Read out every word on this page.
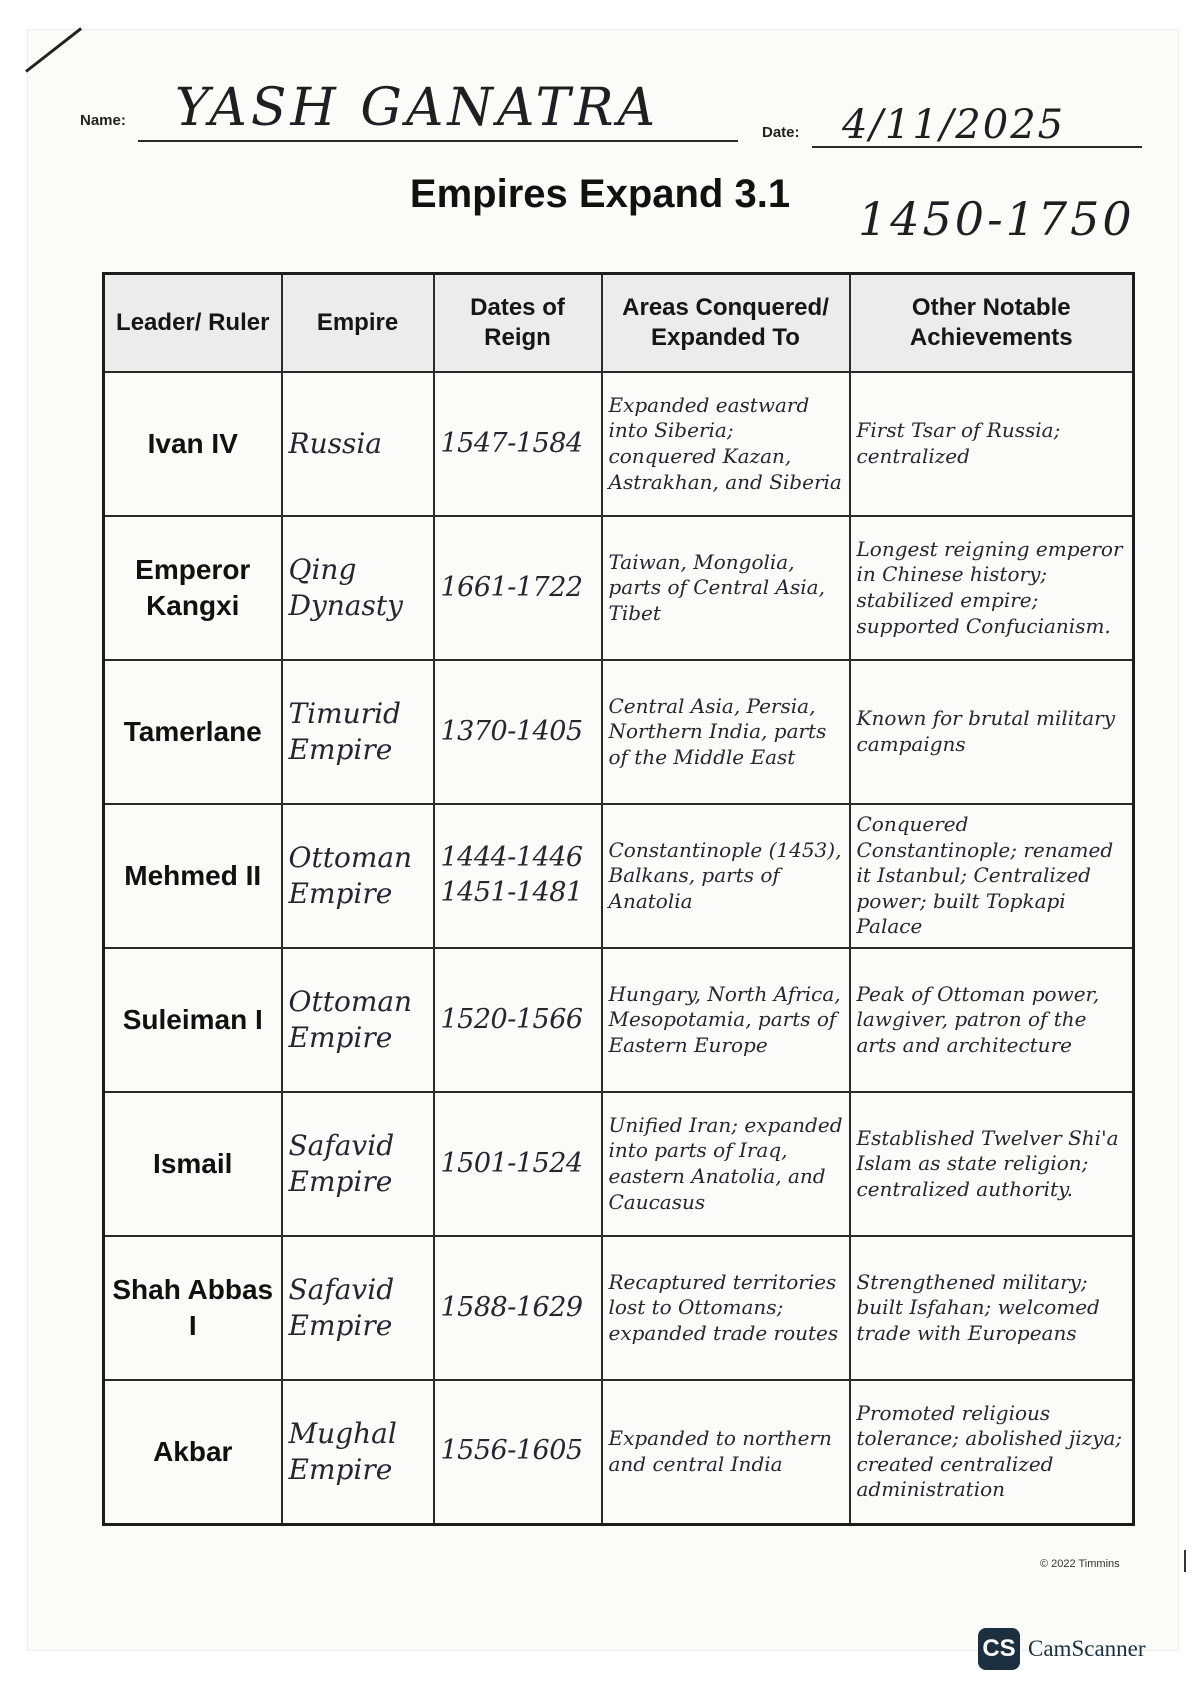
Name: YASH GANATRA	Date: 4/11/2025
Empires Expand 3.1	1450-1750
Leader/ Ruler	Empire	Dates of Reign	Areas Conquered/ Expanded To	Other Notable Achievements
Ivan IV	Russia	1547-1584	Expanded eastward into Siberia; conquered Kazan, Astrakhan, and Siberia	First Tsar of Russia; centralized
Emperor Kangxi	Qing Dynasty	1661-1722	Taiwan, Mongolia, parts of Central Asia, Tibet	Longest reigning emperor in Chinese history; stabilized empire; supported Confucianism.
Tamerlane	Timurid Empire	1370-1405	Central Asia, Persia, Northern India, parts of the Middle East	Known for brutal military campaigns
Mehmed II	Ottoman Empire	1444-1446 1451-1481	Constantinople (1453), Balkans, parts of Anatolia	Conquered Constantinople; renamed it Istanbul; Centralized power; built Topkapi Palace
Suleiman I	Ottoman Empire	1520-1566	Hungary, North Africa, Mesopotamia, parts of Eastern Europe	Peak of Ottoman power, lawgiver, patron of the arts and architecture
Ismail	Safavid Empire	1501-1524	Unified Iran; expanded into parts of Iraq, eastern Anatolia, and Caucasus	Established Twelver Shi'a Islam as state religion; centralized authority.
Shah Abbas I	Safavid Empire	1588-1629	Recaptured territories lost to Ottomans; expanded trade routes	Strengthened military; built Isfahan; welcomed trade with Europeans
Akbar	Mughal Empire	1556-1605	Expanded to northern and central India	Promoted religious tolerance; abolished jizya; created centralized administration
© 2022 Timmins
CS CamScanner
